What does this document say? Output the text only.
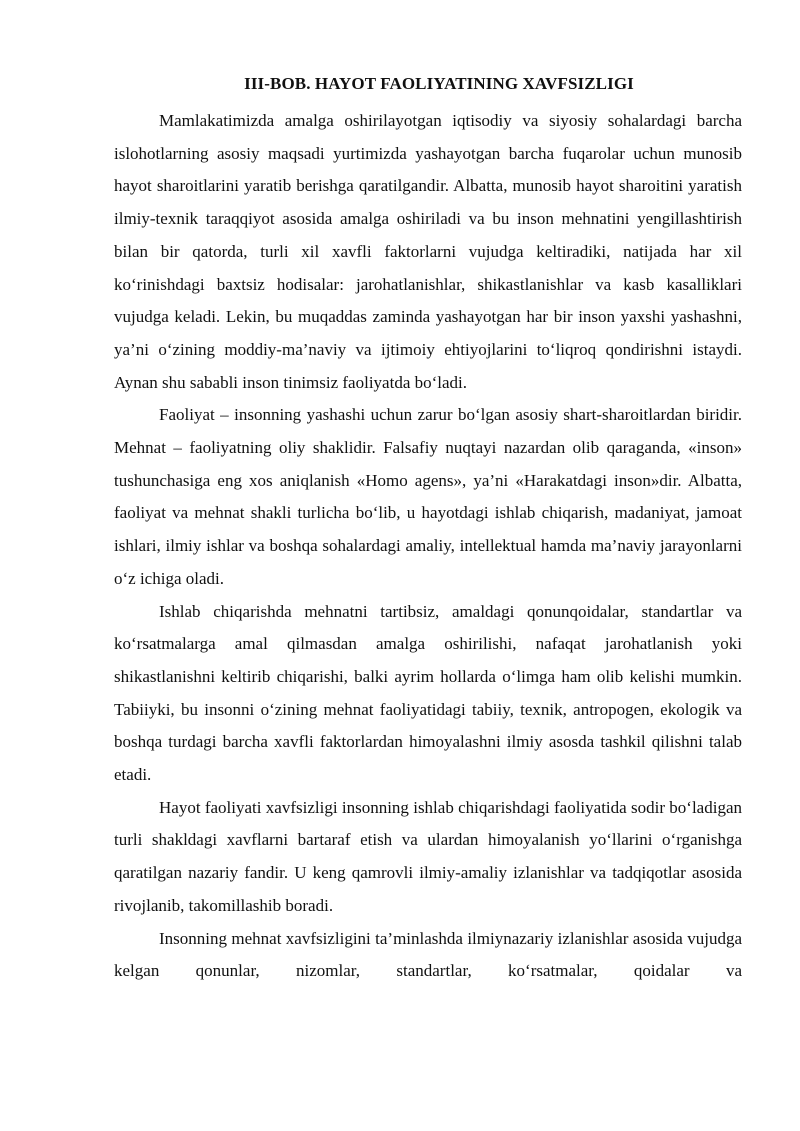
III-BOB. HAYOT FAOLIYATINING XAVFSIZLIGI

Mamlakatimizda amalga oshirilayotgan iqtisodiy va siyosiy sohalardagi barcha islohotlarning asosiy maqsadi yurtimizda yashayotgan barcha fuqarolar uchun munosib hayot sharoitlarini yaratib berishga qaratilgandir. Albatta, munosib hayot sharoitini yaratish ilmiy-texnik taraqqiyot asosida amalga oshiriladi va bu inson mehnatini yengillashtirish bilan bir qatorda, turli xil xavfli faktorlarni vujudga keltiradiki, natijada har xil ko‘rinishdagi baxtsiz hodisalar: jarohatlanishlar, shikastlanishlar va kasb kasalliklari vujudga keladi. Lekin, bu muqaddas zaminda yashayotgan har bir inson yaxshi yashashni, ya’ni o‘zining moddiy-ma’naviy va ijtimoiy ehtiyojlarini to‘liqroq qondirishni istaydi. Aynan shu sababli inson tinimsiz faoliyatda bo‘ladi.

Faoliyat – insonning yashashi uchun zarur bo‘lgan asosiy shart-sharoitlardan biridir. Mehnat – faoliyatning oliy shaklidir. Falsafiy nuqtayi nazardan olib qaraganda, «inson» tushunchasiga eng xos aniqlanish «Homo agens», ya’ni «Harakatdagi inson»dir. Albatta, faoliyat va mehnat shakli turlicha bo‘lib, u hayotdagi ishlab chiqarish, madaniyat, jamoat ishlari, ilmiy ishlar va boshqa sohalardagi amaliy, intellektual hamda ma’naviy jarayonlarni o‘z ichiga oladi.

Ishlab chiqarishda mehnatni tartibsiz, amaldagi qonunqoidalar, standartlar va ko‘rsatmalarga amal qilmasdan amalga oshirilishi, nafaqat jarohatlanish yoki shikastlanishni keltirib chiqarishi, balki ayrim hollarda o‘limga ham olib kelishi mumkin. Tabiiyki, bu insonni o‘zining mehnat faoliyatidagi tabiiy, texnik, antropogen, ekologik va boshqa turdagi barcha xavfli faktorlardan himoyalashni ilmiy asosda tashkil qilishni talab etadi.

Hayot faoliyati xavfsizligi insonning ishlab chiqarishdagi faoliyatida sodir bo‘ladigan turli shakldagi xavflarni bartaraf etish va ulardan himoyalanish yo‘llarini o‘rganishga qaratilgan nazariy fandir. U keng qamrovli ilmiy-amaliy izlanishlar va tadqiqotlar asosida rivojlanib, takomillashib boradi.

Insonning mehnat xavfsizligini ta’minlashda ilmiynazariy izlanishlar asosida vujudga kelgan qonunlar, nizomlar, standartlar, ko‘rsatmalar, qoidalar va
